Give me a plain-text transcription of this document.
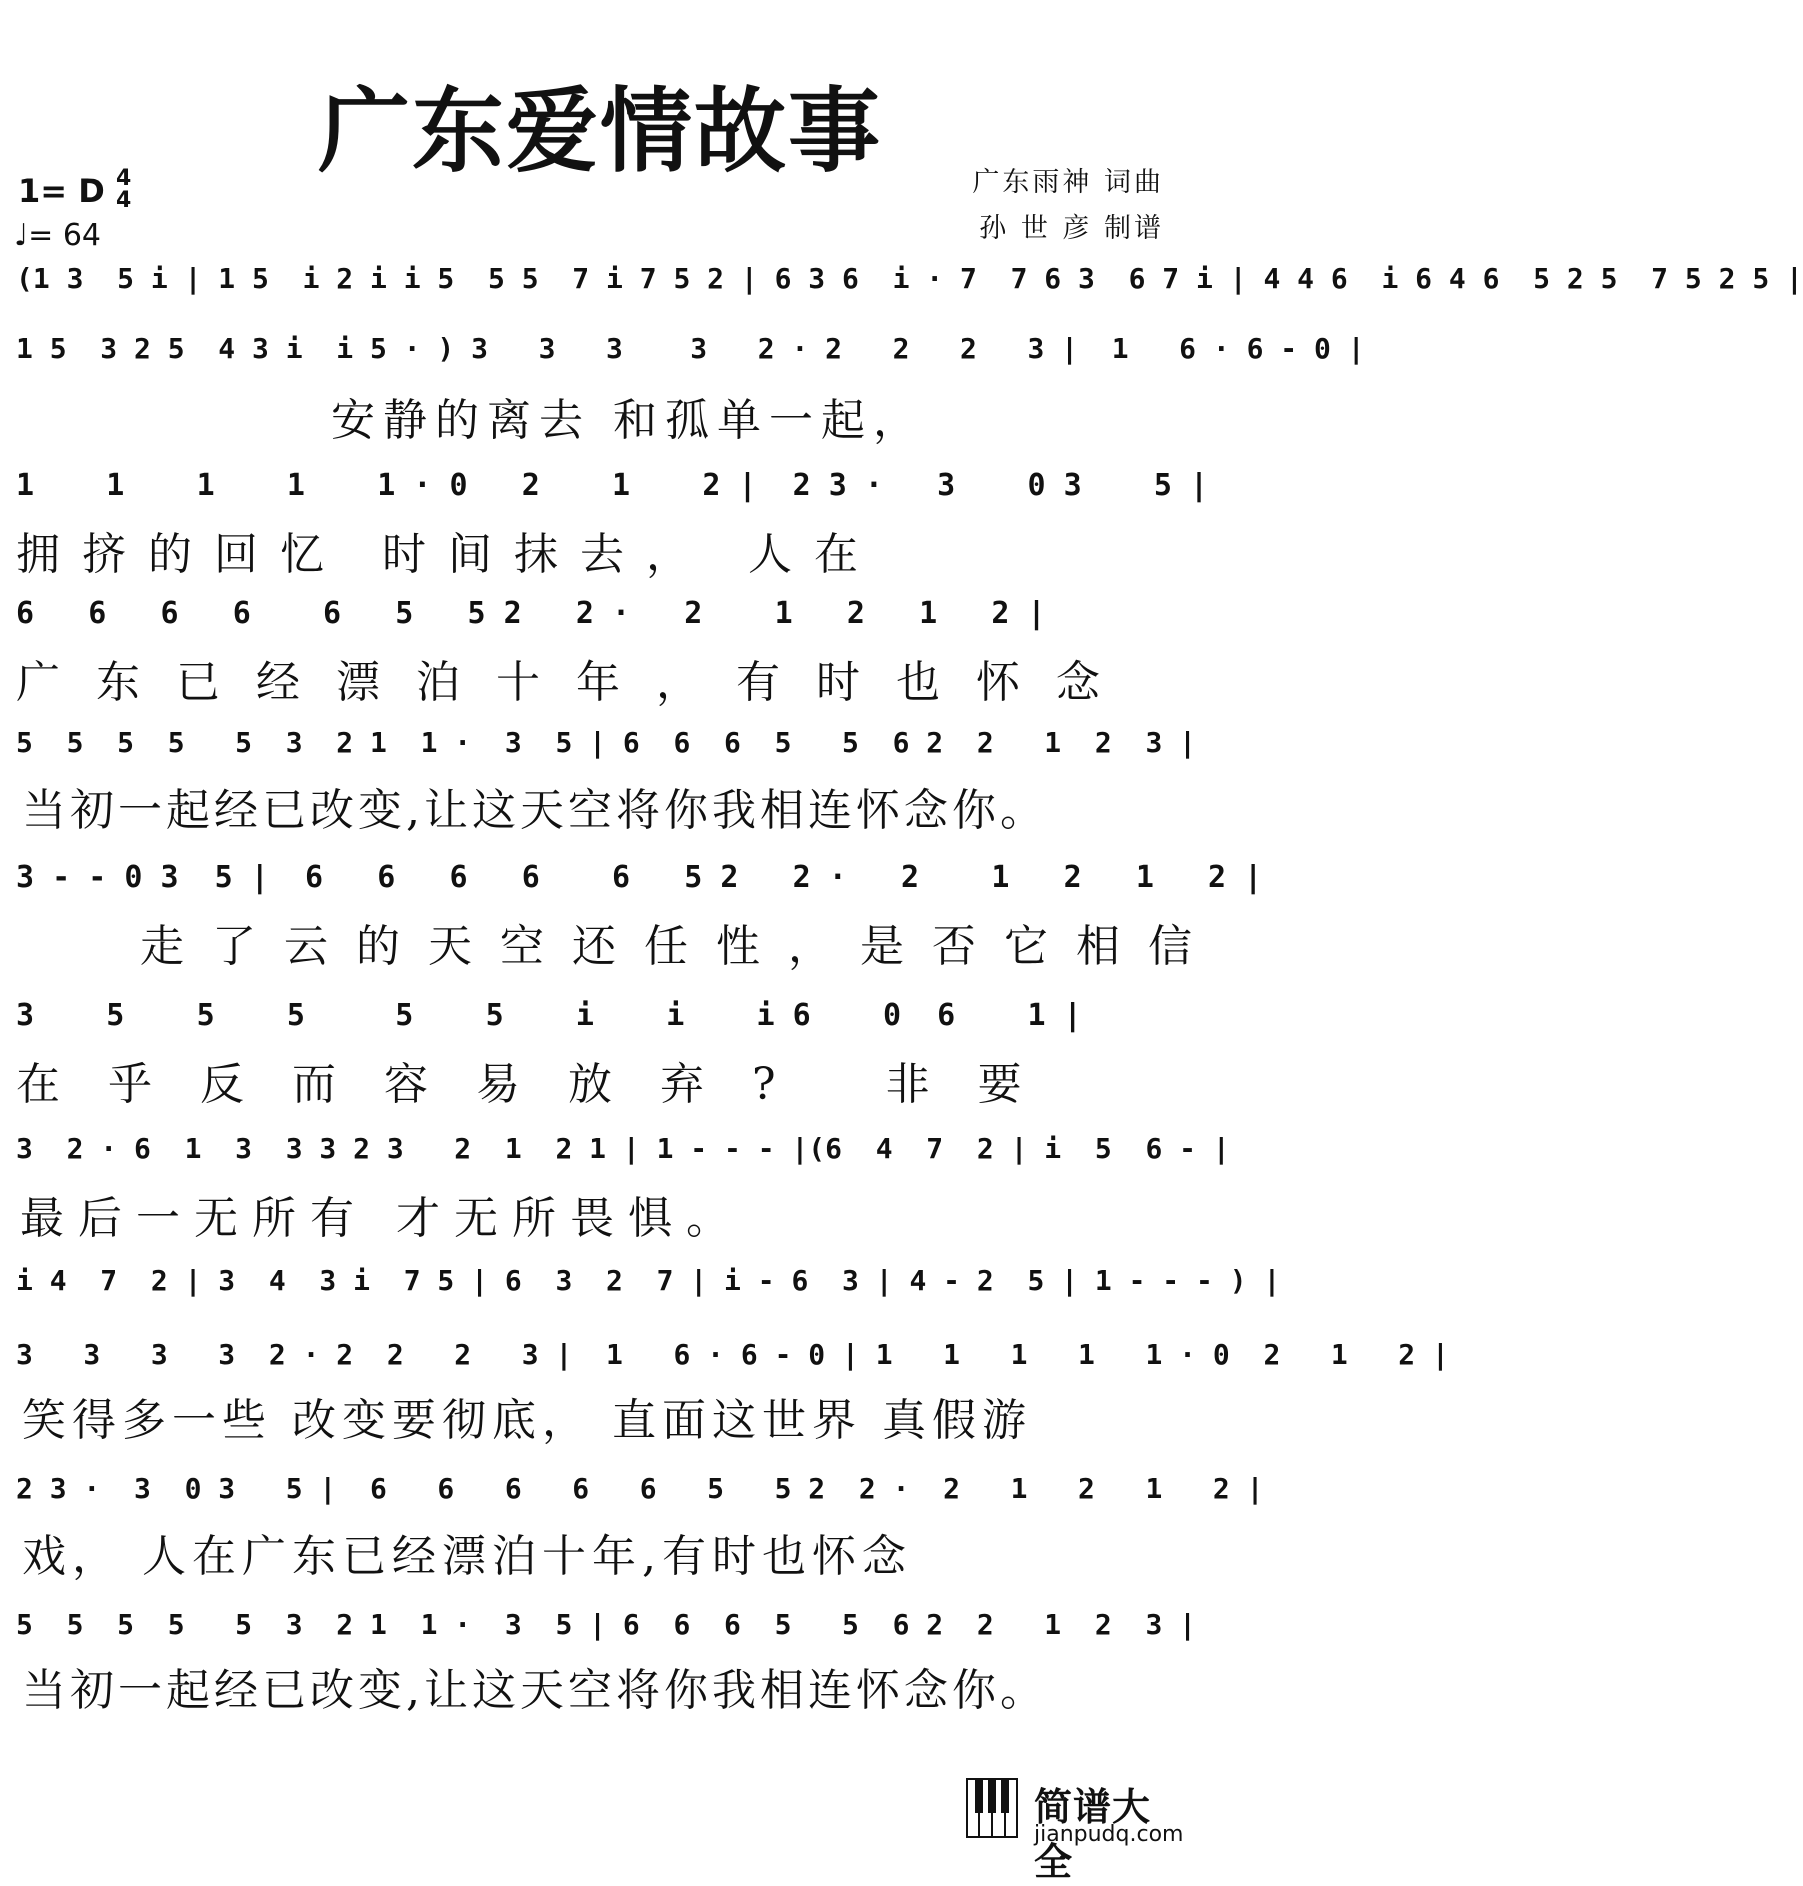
广东爱情故事
1= D 4
4
♩= 64
广东雨神 词曲
孙 世 彦 制谱
(1 3  5 i | 1 5  i 2 i i 5  5 5  7 i 7 5 2 | 6 3 6  i · 7  7 6 3  6 7 i | 4 4 6  i 6 4 6  5 2 5  7 5 2 5 |
1 5  3 2 5  4 3 i  i 5 · ) 3   3   3    3   2 · 2   2   2   3 |  1   6 · 6 - 0 |
安静的离去 和孤单一起，
1    1    1    1    1 · 0   2    1    2 |  2 3 ·   3    0 3    5 |
拥挤的回忆 时间抹去， 人在
6   6   6   6    6   5   5 2   2 ·   2    1   2   1   2 |
广东已经漂泊十年，有时也怀念
5  5  5  5   5  3  2 1  1 ·  3  5 | 6  6  6  5   5  6 2  2   1  2  3 |
当初一起经已改变,让这天空将你我相连怀念你。
3 - - 0 3  5 |  6   6   6   6    6   5 2   2 ·   2    1   2   1   2 |
走了云的天空还任性，是否它相信
3    5    5    5     5    5    i    i    i 6    0  6    1 |
在乎反而容易放弃? 非要
3  2 · 6  1  3  3 3 2 3   2  1  2 1 | 1 - - - |(6  4  7  2 | i  5  6 - |
最后一无所有 才无所畏惧。
i 4  7  2 | 3  4  3 i  7 5 | 6  3  2  7 | i - 6  3 | 4 - 2  5 | 1 - - - ) |
3   3   3   3  2 · 2  2   2   3 |  1   6 · 6 - 0 | 1   1   1   1   1 · 0  2   1   2 |
笑得多一些 改变要彻底， 直面这世界 真假游
2 3 ·  3  0 3   5 |  6   6   6   6   6   5   5 2  2 ·  2   1   2   1   2 |
戏， 人在广东已经漂泊十年,有时也怀念
5  5  5  5   5  3  2 1  1 ·  3  5 | 6  6  6  5   5  6 2  2   1  2  3 |
当初一起经已改变,让这天空将你我相连怀念你。
简谱大全
jianpudq.com
